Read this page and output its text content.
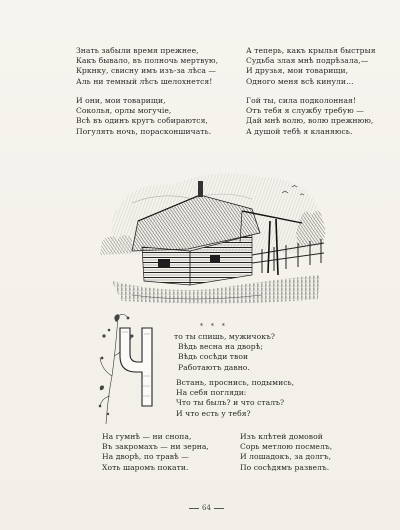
Знать забыли время прежнее,
Какъ бывало, въ полночь мертвую,
Кркнку, свисну имъ изъ-за лѣса —
Аль ни темный лѣсъ шелохнется!
И они, мои товарищи,
Соколья, орлы могучіе,
Всѣ въ одинъ кругъ собираются,
Погулять ночь, порасконшичать.
А теперь, какъ крылья быстрыя
Судьба злая мнѣ подрѣзала,—
И друзья, мои товарищи,
Одного меня всѣ кинули…
Гой ты, сила подколонная!
Отъ тебя я службу требую —
Дай мнѣ волю, волю прежнюю,
А душой тебѣ я кланяюсь.
Ч
* * *
то ты спишь, мужичокъ?
Вѣдь весна на дворѣ;
Вѣдь сосѣди твои
Работаютъ давно.
Встань, проснись, подымись,
На себя погляди:
Что ты былъ? и что сталъ?
И что есть у тебя?
На гумнѣ — ни снопа,
Въ закромахъ — ни зерна,
На дворѣ, по травѣ —
Хоть шаромъ покати.
Изъ клѣтей домовой
Сорь метлою посмелъ,
И лошадокъ, за долгъ,
По сосѣдямъ развелъ.
64
